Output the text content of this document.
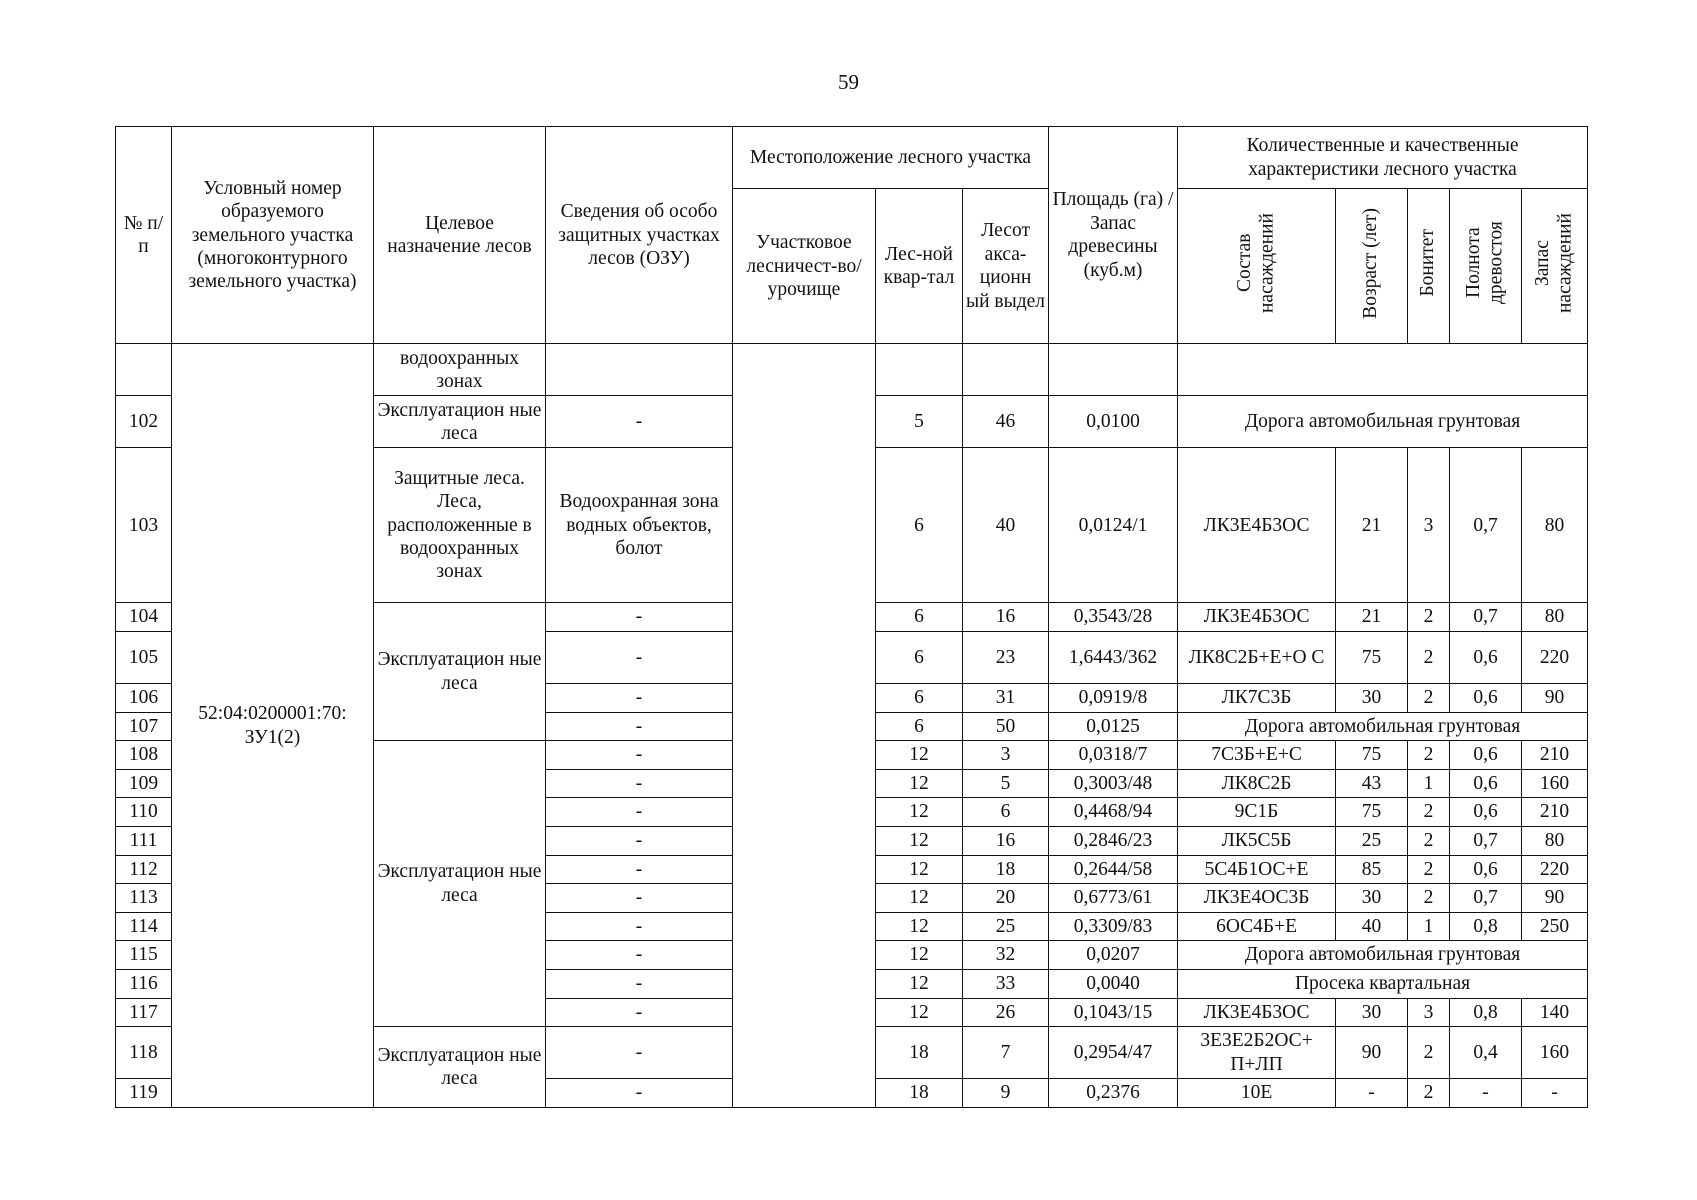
59
№ п/п	Условный номер образуемого земельного участка (многоконтурного земельного участка)	Целевое назначение лесов	Сведения об особо защитных участках лесов (ОЗУ)	Местоположение лесного участка			Площадь (га) / Запас древесины (куб.м)	Количественные и качественные характеристики лесного участка				
				Участковое лесничест-во/урочище	Лес-ной квар-тал	Лесот акса-ционн ый выдел		Состав насаждений	Возраст (лет)	Бонитет	Полнота древостоя	Запас насаждений
	52:04:0200001:70: ЗУ1(2)	водоохранных зонах										
102		Эксплуатацион ные леса	-		5	46	0,0100	Дорога автомобильная грунтовая				
103		Защитные леса. Леса, расположенные в водоохранных зонах	Водоохранная зона водных объектов, болот		6	40	0,0124/1	ЛК3Е4Б3ОС	21	3	0,7	80
104		Эксплуатацион ные леса	-		6	16	0,3543/28	ЛК3Е4Б3ОС	21	2	0,7	80
105			-		6	23	1,6443/362	ЛК8С2Б+Е+О С	75	2	0,6	220
106			-		6	31	0,0919/8	ЛК7С3Б	30	2	0,6	90
107			-		6	50	0,0125	Дорога автомобильная грунтовая				
108		Эксплуатацион ные леса	-		12	3	0,0318/7	7С3Б+Е+С	75	2	0,6	210
109			-		12	5	0,3003/48	ЛК8С2Б	43	1	0,6	160
110			-		12	6	0,4468/94	9С1Б	75	2	0,6	210
111			-		12	16	0,2846/23	ЛК5С5Б	25	2	0,7	80
112			-		12	18	0,2644/58	5С4Б1ОС+Е	85	2	0,6	220
113			-		12	20	0,6773/61	ЛК3Е4ОС3Б	30	2	0,7	90
114			-		12	25	0,3309/83	6ОС4Б+Е	40	1	0,8	250
115			-		12	32	0,0207	Дорога автомобильная грунтовая				
116			-		12	33	0,0040	Просека квартальная				
117			-		12	26	0,1043/15	ЛК3Е4Б3ОС	30	3	0,8	140
118		Эксплуатацион ные леса	-		18	7	0,2954/47	3Е3Е2Б2ОС+ П+ЛП	90	2	0,4	160
119			-		18	9	0,2376	10Е	-	2	-	-
